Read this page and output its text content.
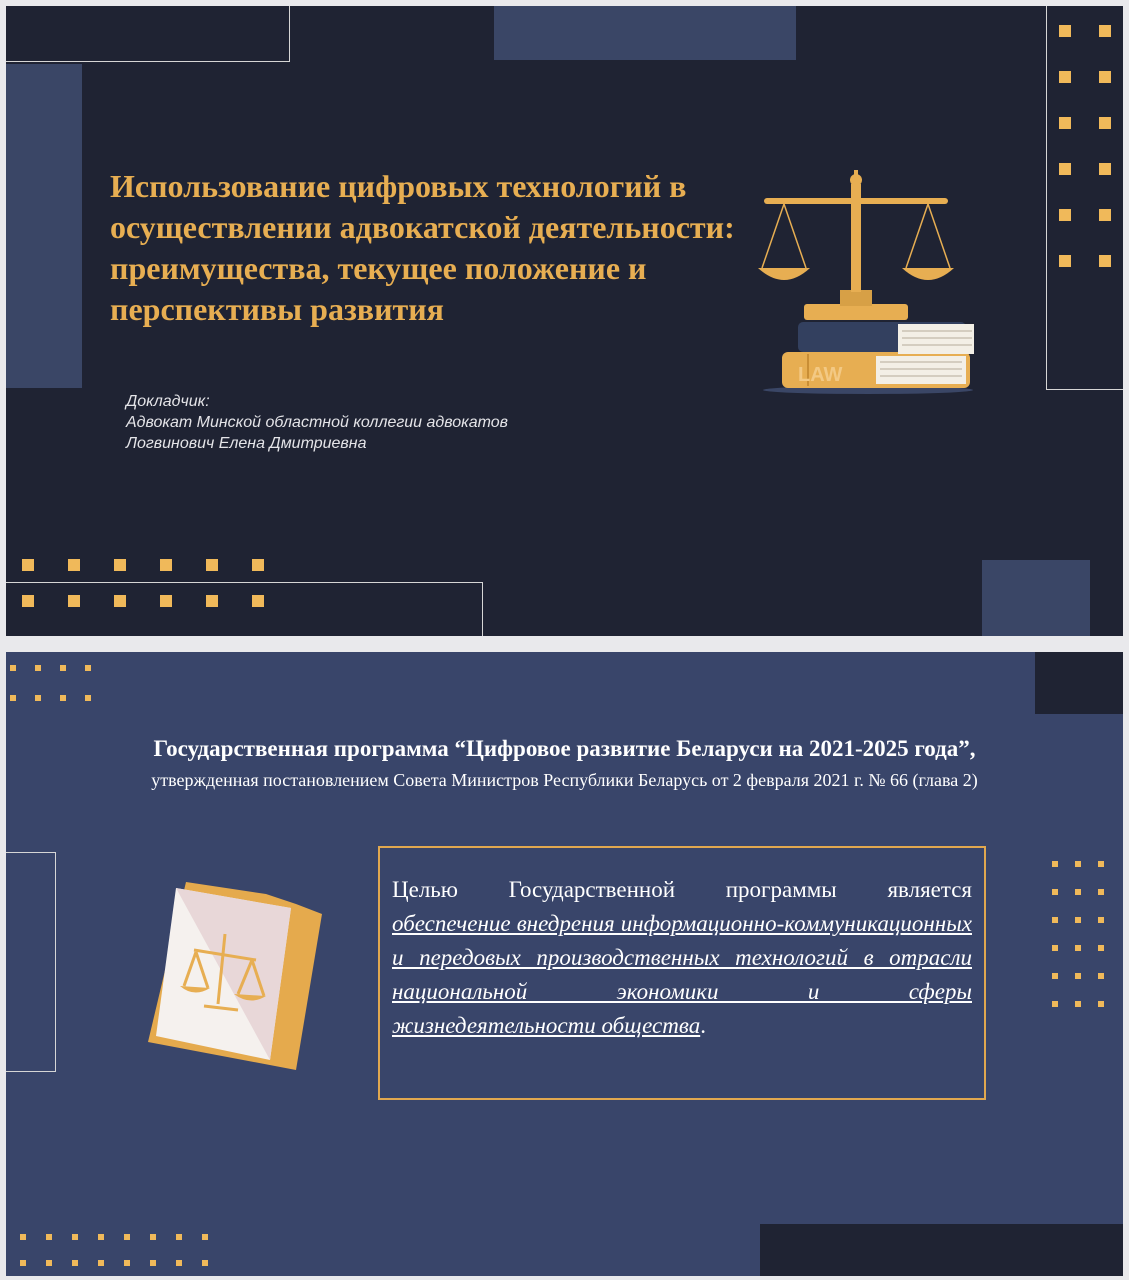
Использование цифровых технологий в осуществлении адвокатской деятельности: преимущества, текущее положение и перспективы развития
Докладчик:
Адвокат Минской областной коллегии адвокатов
Логвинович Елена Дмитриевна
LAW
Государственная программа “Цифровое развитие Беларуси на 2021-2025 года”,
утвержденная постановлением Совета Министров Республики Беларусь от 2 февраля 2021 г. № 66 (глава 2)
Целью Государственной программы является
обеспечение внедрения информационно-коммуникационных и передовых производственных технологий в отрасли национальной экономики и сферы
жизнедеятельности общества.
